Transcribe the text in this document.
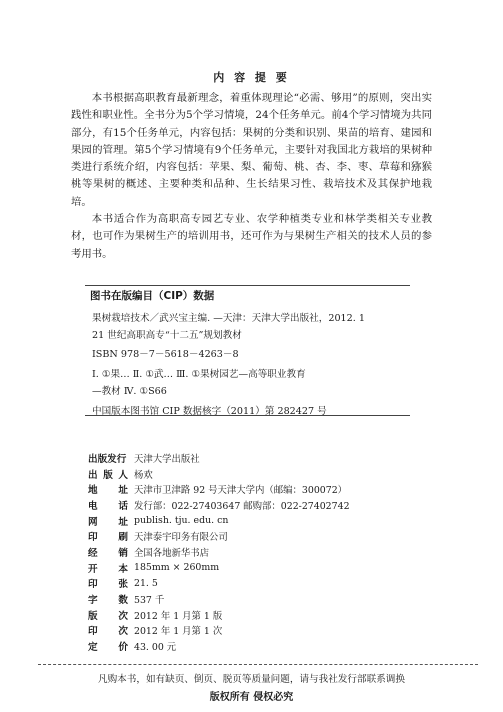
内 容 提 要

本书根据高职教育最新理念，着重体现理论“必需、够用”的原则，突出实践性和职业性。全书分为5个学习情境，24个任务单元。前4个学习情境为共同部分，有15个任务单元，内容包括：果树的分类和识别、果苗的培育、建园和果园的管理。第5个学习情境有9个任务单元，主要针对我国北方栽培的果树种类进行系统介绍，内容包括：苹果、梨、葡萄、桃、杏、李、枣、草莓和猕猴桃等果树的概述、主要种类和品种、生长结果习性、栽培技术及其保护地栽培。

本书适合作为高职高专园艺专业、农学种植类专业和林学类相关专业教材，也可作为果树生产的培训用书，还可作为与果树生产相关的技术人员的参考用书。

图书在版编目（CIP）数据
果树栽培技术／武兴宝主编. —天津：天津大学出版社，2012. 1
21 世纪高职高专“十二五”规划教材
ISBN 978－7－5618－4263－8
Ⅰ. ①果… Ⅱ. ①武… Ⅲ. ①果树园艺—高等职业教育
—教材 Ⅳ. ①S66
中国版本图书馆 CIP 数据核字（2011）第 282427 号
出版发行 天津大学出版社
出 版 人 杨欢
地 址 天津市卫津路 92 号天津大学内（邮编：300072）
电 话 发行部：022-27403647 邮购部：022-27402742
网 址 publish. tju. edu. cn
印 刷 天津泰宇印务有限公司
经 销 全国各地新华书店
开 本 185mm × 260mm
印 张 21. 5
字 数 537 千
版 次 2012 年 1 月第 1 版
印 次 2012 年 1 月第 1 次
定 价 43. 00 元
凡购本书，如有缺页、倒页、脱页等质量问题，请与我社发行部联系调换
版权所有 侵权必究
